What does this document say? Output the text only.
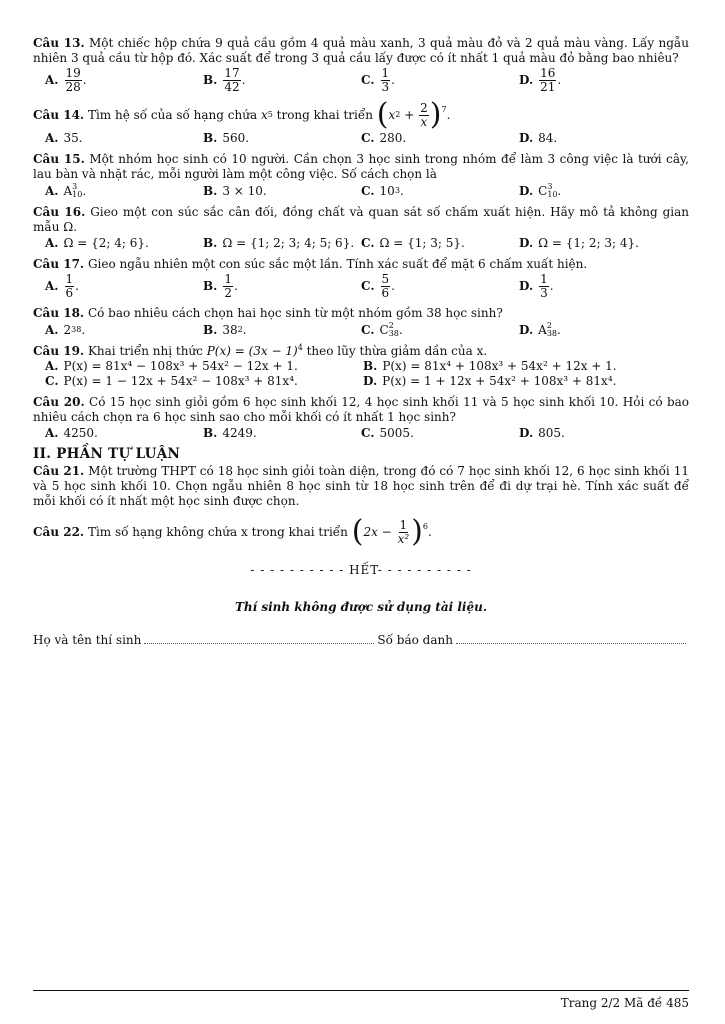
Câu 13. Một chiếc hộp chứa 9 quả cầu gồm 4 quả màu xanh, 3 quả màu đỏ và 2 quả màu vàng. Lấy ngẫu nhiên 3 quả cầu từ hộp đó. Xác suất để trong 3 quả cầu lấy được có ít nhất 1 quả màu đỏ bằng bao nhiêu?
A. $\frac{19}{28}$ .	B. $\frac{17}{42}$ .	C. $\frac{1}{3}$ .	D. $\frac{16}{21}$ .
Câu 14.
Tìm hệ số của số hạng chứa
x 5
trong khai triển
( x 2
+
$\frac{2}{x}$ ) 7 .
A. 35.	B. 560.	C. 280.	D. 84.
Câu 15. Một nhóm học sinh có 10 người. Cần chọn 3 học sinh trong nhóm để làm 3 công việc là tưới cây, lau bàn và nhặt rác, mỗi người làm một công việc. Số cách chọn là
A. A 3
10 .	B. 3 × 10.	C. 10 3 .	D. C 3
10 .
Câu 16. Gieo một con súc sắc cân đối, đồng chất và quan sát số chấm xuất hiện. Hãy mô tả không gian mẫu Ω.
A. Ω = {2; 4; 6}.	B. Ω = {1; 2; 3; 4; 5; 6}. C. Ω = {1; 3; 5}.	D. Ω = {1; 2; 3; 4}.
Câu 17. Gieo ngẫu nhiên một con súc sắc một lần. Tính xác suất để mặt 6 chấm xuất hiện.
A. $\frac{1}{6}$ .	B. $\frac{1}{2}$ .	C. $\frac{5}{6}$ .	D. $\frac{1}{3}$ .
Câu 18. Có bao nhiêu cách chọn hai học sinh từ một nhóm gồm 38 học sinh?
A. 2 38 .	B. 38 2 .	C. C 2
38 .	D. A 2
38 .
Câu 19. Khai triển nhị thức $P(x) = (3x - 1)^4$ theo lũy thừa giảm dần của x.
A. P(x) = 81x⁴ − 108x³ + 54x² − 12x + 1.	B. P(x) = 81x⁴ + 108x³ + 54x² + 12x + 1.
C. P(x) = 1 − 12x + 54x² − 108x³ + 81x⁴.	D. P(x) = 1 + 12x + 54x² + 108x³ + 81x⁴.
Câu 20. Có 15 học sinh giỏi gồm 6 học sinh khối 12, 4 học sinh khối 11 và 5 học sinh khối 10. Hỏi có bao nhiêu cách chọn ra 6 học sinh sao cho mỗi khối có ít nhất 1 học sinh?
A. 4250.	B. 4249.	C. 5005.	D. 805.
II. PHẦN TỰ LUẬN
Câu 21. Một trường THPT có 18 học sinh giỏi toàn diện, trong đó có 7 học sinh khối 12, 6 học sinh khối 11 và 5 học sinh khối 10. Chọn ngẫu nhiên 8 học sinh từ 18 học sinh trên để đi dự trại hè. Tính xác suất để mỗi khối có ít nhất một học sinh được chọn.
Câu 22.
Tìm số hạng không chứa x trong khai triển
( 2x −
$\frac{1}{\text{x²}}$ ) 6 .
- - - - - - - - - - HẾT- - - - - - - - - -
Thí sinh không được sử dụng tài liệu.
Họ và tên thí sinh	Số báo danh
Trang 2/2 Mã đề 485
